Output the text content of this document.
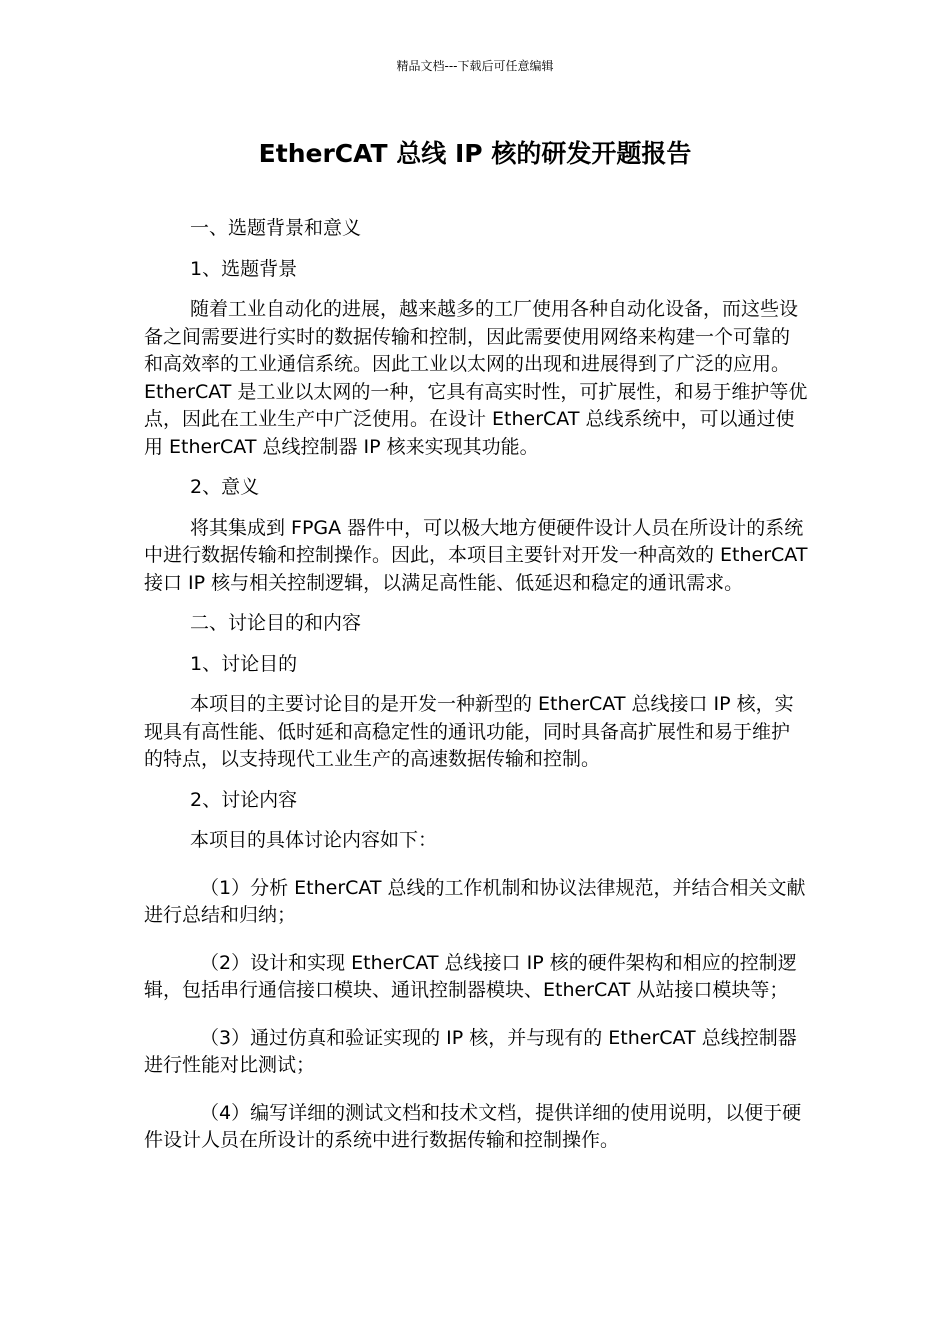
精品文档---下载后可任意编辑
EtherCAT 总线 IP 核的研发开题报告

一、选题背景和意义

1、选题背景

随着工业自动化的进展，越来越多的工厂使用各种自动化设备，而这些设备之间需要进行实时的数据传输和控制，因此需要使用网络来构建一个可靠的和高效率的工业通信系统。因此工业以太网的出现和进展得到了广泛的应用。EtherCAT 是工业以太网的一种，它具有高实时性，可扩展性，和易于维护等优点，因此在工业生产中广泛使用。在设计 EtherCAT 总线系统中，可以通过使用 EtherCAT 总线控制器 IP 核来实现其功能。

2、意义

将其集成到 FPGA 器件中，可以极大地方便硬件设计人员在所设计的系统中进行数据传输和控制操作。因此，本项目主要针对开发一种高效的 EtherCAT 接口 IP 核与相关控制逻辑，以满足高性能、低延迟和稳定的通讯需求。

二、讨论目的和内容

1、讨论目的

本项目的主要讨论目的是开发一种新型的 EtherCAT 总线接口 IP 核，实现具有高性能、低时延和高稳定性的通讯功能，同时具备高扩展性和易于维护的特点，以支持现代工业生产的高速数据传输和控制。

2、讨论内容

本项目的具体讨论内容如下：

（1）分析 EtherCAT 总线的工作机制和协议法律规范，并结合相关文献进行总结和归纳；

（2）设计和实现 EtherCAT 总线接口 IP 核的硬件架构和相应的控制逻辑，包括串行通信接口模块、通讯控制器模块、EtherCAT 从站接口模块等；

（3）通过仿真和验证实现的 IP 核，并与现有的 EtherCAT 总线控制器进行性能对比测试；

（4）编写详细的测试文档和技术文档，提供详细的使用说明，以便于硬件设计人员在所设计的系统中进行数据传输和控制操作。
